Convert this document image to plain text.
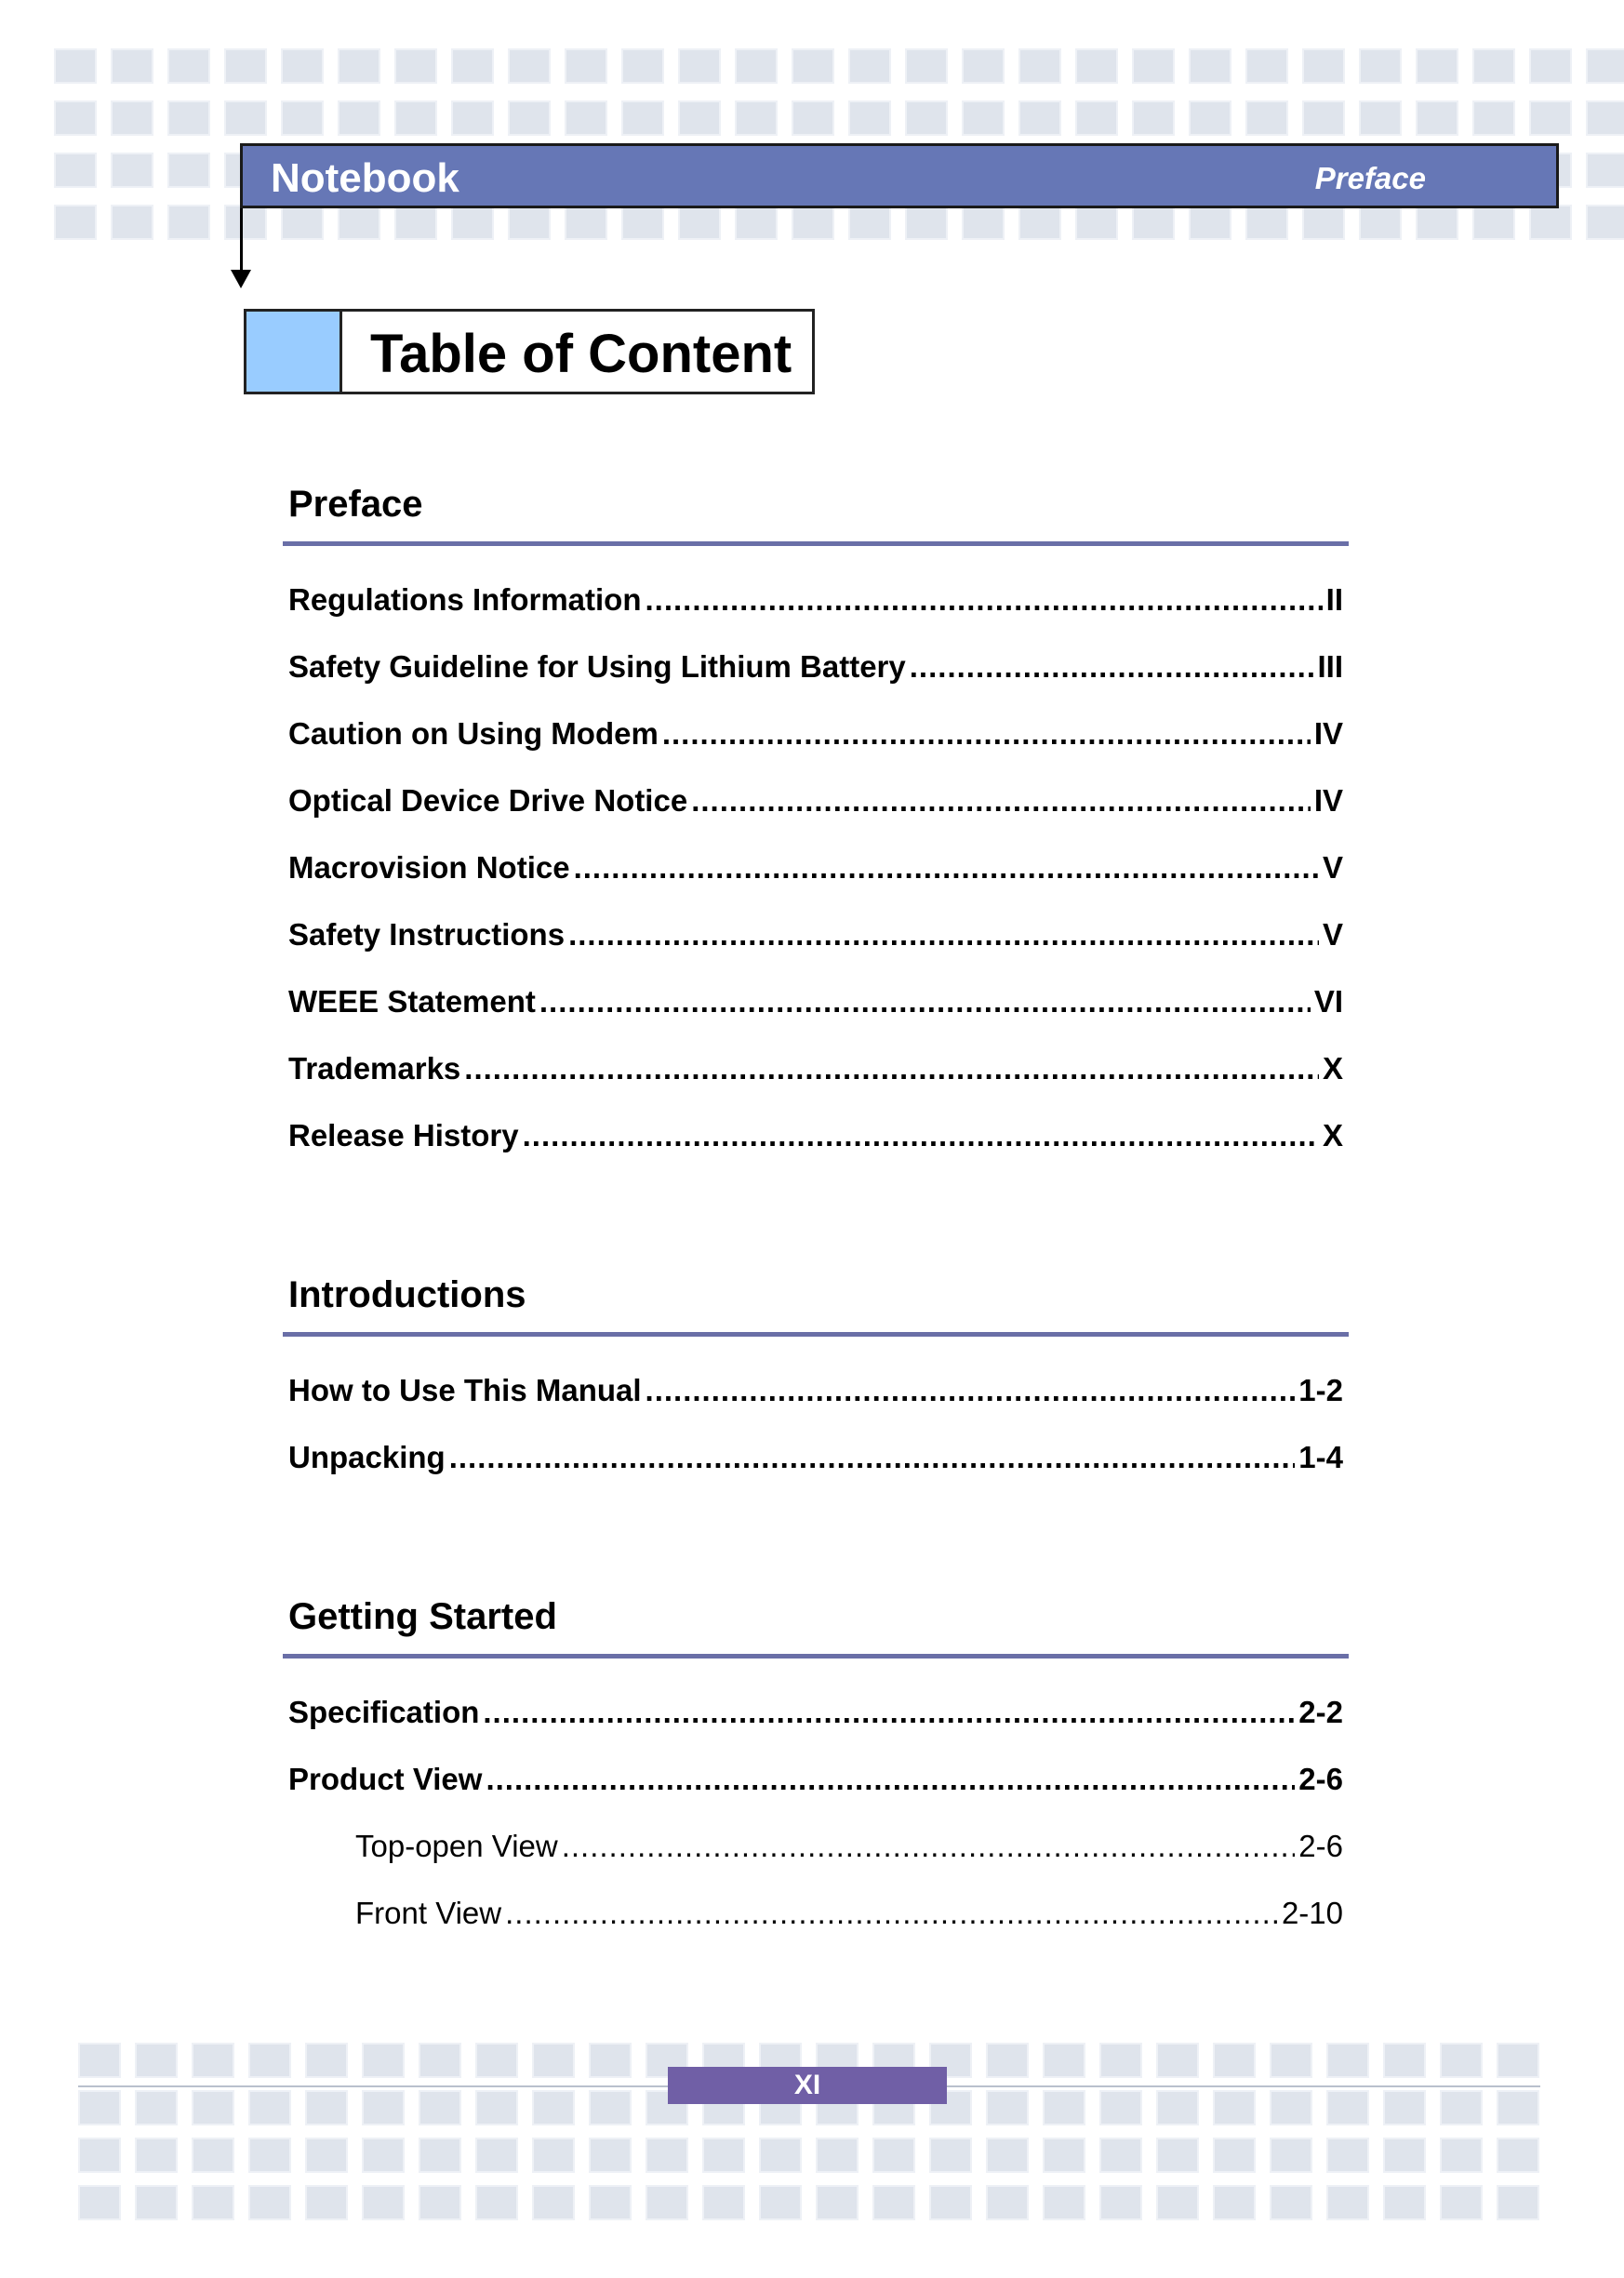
Notebook	Preface
Table of Content
Preface
Regulations Information .....	II
Safety Guideline for Using Lithium Battery .....	III
Caution on Using Modem .....	IV
Optical Device Drive Notice .....	IV
Macrovision Notice .....	V
Safety Instructions .....	V
WEEE Statement .....	VI
Trademarks .....	X
Release History .....	X
Introductions
How to Use This Manual .....	1-2
Unpacking .....	1-4
Getting Started
Specification .....	2-2
Product View .....	2-6
Top-open View .....	2-6
Front View .....	2-10
XI
